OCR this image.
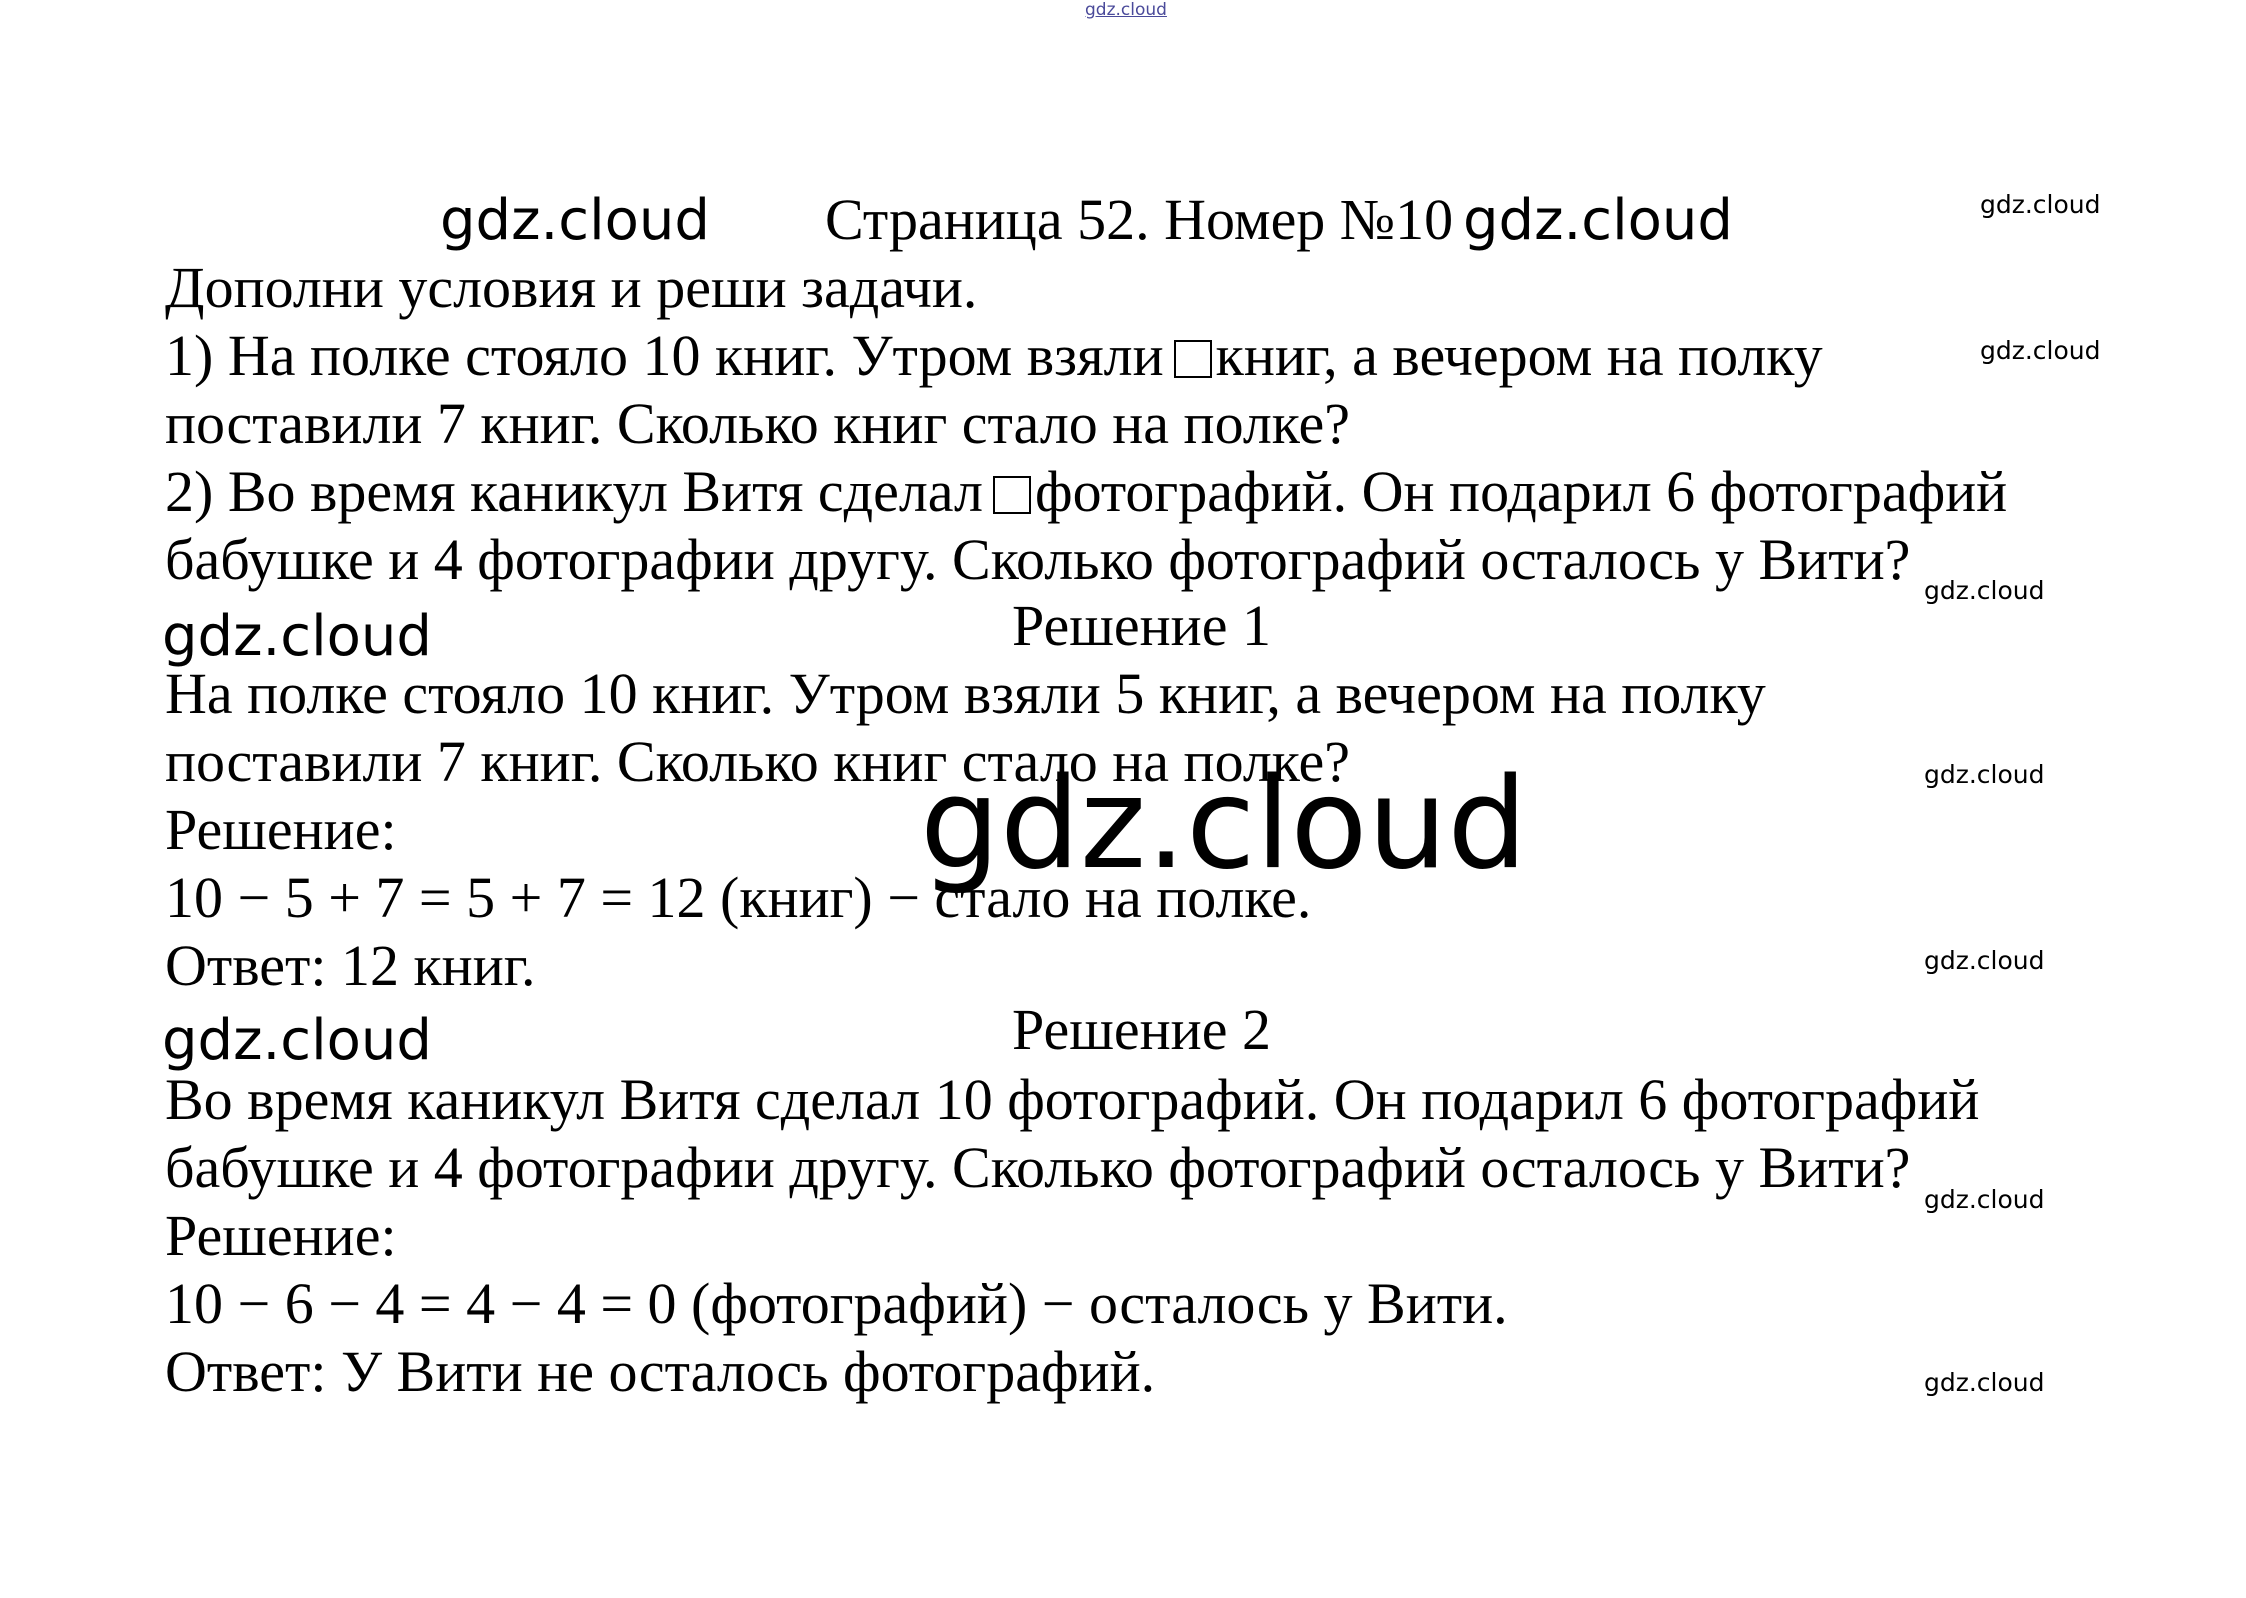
gdz.cloud
gdz.cloud	gdz.cloud	gdz.cloud
gdz.cloud
gdz.cloud
gdz.cloud
gdz.cloud
gdz.cloud
gdz.cloud
gdz.cloud
gdz.cloud
Страница 52. Номер №10
Дополни условия и реши задачи.
1) На полке стояло 10 книг. Утром взяли книг, а вечером на полку
поставили 7 книг. Сколько книг стало на полке?
2) Во время каникул Витя сделал фотографий. Он подарил 6 фотографий
бабушке и 4 фотографии другу. Сколько фотографий осталось у Вити?
Решение 1
На полке стояло 10 книг. Утром взяли 5 книг, а вечером на полку
поставили 7 книг. Сколько книг стало на полке?
Решение:
10 − 5 + 7 = 5 + 7 = 12 (книг) − стало на полке.
Ответ: 12 книг.
Решение 2
Во время каникул Витя сделал 10 фотографий. Он подарил 6 фотографий
бабушке и 4 фотографии другу. Сколько фотографий осталось у Вити?
Решение:
10 − 6 − 4 = 4 − 4 = 0 (фотографий) − осталось у Вити.
Ответ: У Вити не осталось фотографий.
gdz.cloud
